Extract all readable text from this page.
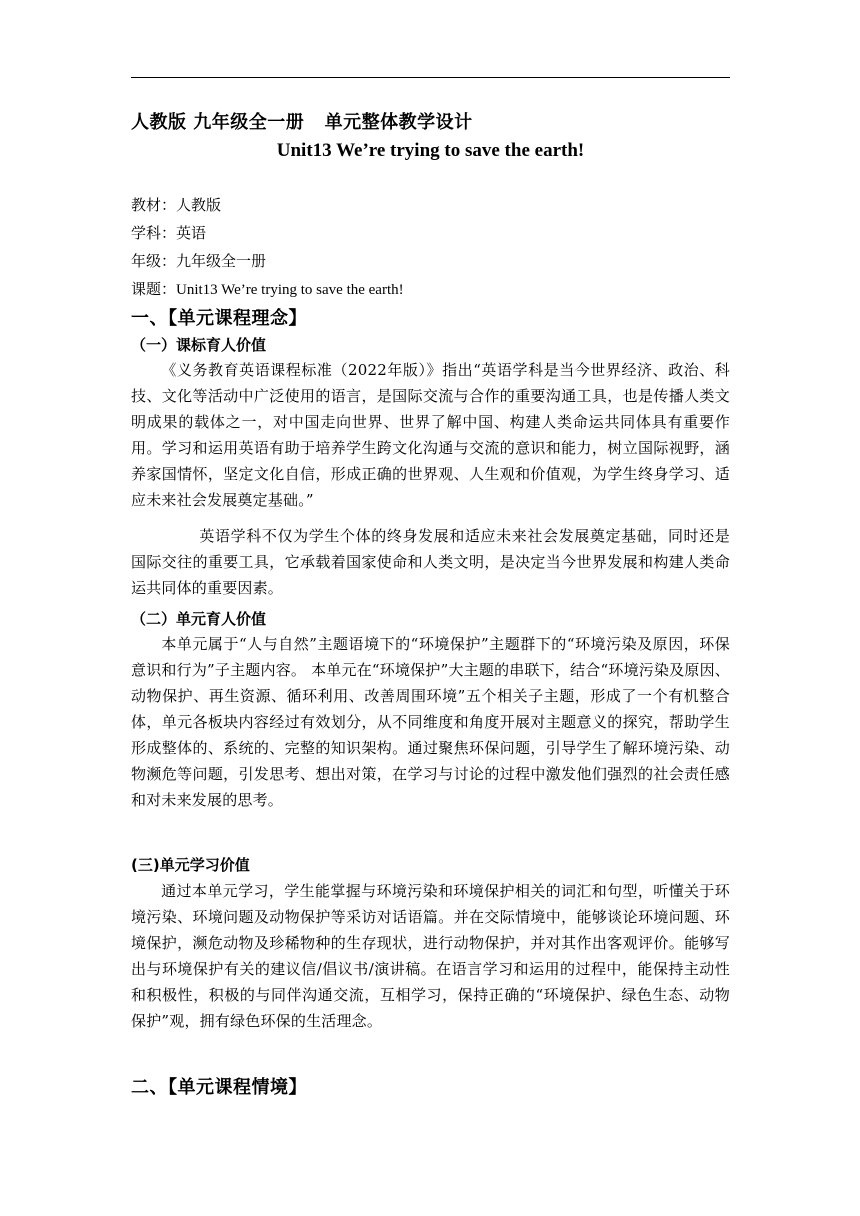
人教版 九年级全一册   单元整体教学设计
Unit13 We’re trying to save the earth!
教材：人教版
学科：英语
年级：九年级全一册
课题：Unit13 We’re trying to save the earth!
一、【单元课程理念】
（一）课标育人价值
《义务教育英语课程标准（2022年版）》指出“英语学科是当今世界经济、政治、科技、文化等活动中广泛使用的语言，是国际交流与合作的重要沟通工具，也是传播人类文明成果的载体之一，对中国走向世界、世界了解中国、构建人类命运共同体具有重要作用。学习和运用英语有助于培养学生跨文化沟通与交流的意识和能力，树立国际视野，涵养家国情怀，坚定文化自信，形成正确的世界观、人生观和价值观，为学生终身学习、适应未来社会发展奠定基础。”
英语学科不仅为学生个体的终身发展和适应未来社会发展奠定基础，同时还是国际交往的重要工具，它承载着国家使命和人类文明，是决定当今世界发展和构建人类命运共同体的重要因素。
（二）单元育人价值
本单元属于“人与自然”主题语境下的“环境保护”主题群下的“环境污染及原因，环保意识和行为”子主题内容。 本单元在“环境保护”大主题的串联下，结合“环境污染及原因、动物保护、再生资源、循环利用、改善周围环境”五个相关子主题，形成了一个有机整合体，单元各板块内容经过有效划分，从不同维度和角度开展对主题意义的探究，帮助学生形成整体的、系统的、完整的知识架构。通过聚焦环保问题，引导学生了解环境污染、动物濒危等问题，引发思考、想出对策，在学习与讨论的过程中激发他们强烈的社会责任感和对未来发展的思考。
(三)单元学习价值
通过本单元学习，学生能掌握与环境污染和环境保护相关的词汇和句型，听懂关于环境污染、环境问题及动物保护等采访对话语篇。并在交际情境中，能够谈论环境问题、环境保护，濒危动物及珍稀物种的生存现状，进行动物保护，并对其作出客观评价。能够写出与环境保护有关的建议信/倡议书/演讲稿。在语言学习和运用的过程中，能保持主动性和积极性，积极的与同伴沟通交流，互相学习，保持正确的“环境保护、绿色生态、动物保护”观，拥有绿色环保的生活理念。
二、【单元课程情境】
